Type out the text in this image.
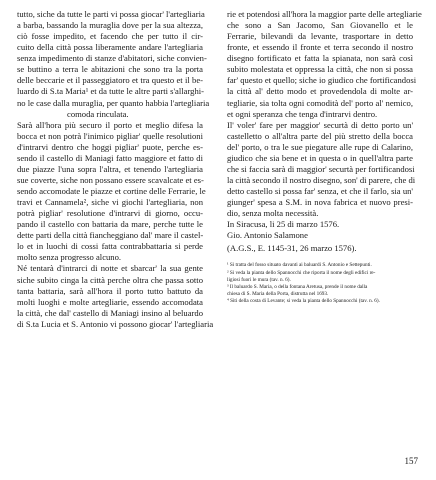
tutto, siche da tutte le parti vi possa giocar' l'artegliaria
a barba, bassando la muraglia dove per la sua altezza,
ciò fosse impedito, et facendo che per tutto il cir-
cuito della città possa liberamente andare l'artegliaria
senza impedimento di stanze d'abitatori, siche convien-
se buttino a terra le abitazioni che sono tra la porta
delle beccarie et il passeggiatoro et tra questo et il be-
luardo di S.ta Maria¹ et da tutte le altre parti s'allarghi-
no le case dalla muraglia, per quanto habbia l'artegliaria
comoda rinculata.
Sarà all'hora più securo il porto et meglio difesa la
bocca et non potrà l'inimico pigliar' quelle resolutioni
d'intrarvi dentro che hoggi pigliar' puote, perche es-
sendo il castello di Maniagi fatto maggiore et fatto di
due piazze l'una sopra l'altra, et tenendo l'artegliaria
sue coverte, siche non possano essere scavalcate et es-
sendo accomodate le piazze et cortine delle Ferrarie, le
travi et Cannamela², siche vi giochi l'artegliaria, non
potrà pigliar' resolutione d'intrarvi di giorno, occu-
pando il castello con battaria da mare, perche tutte le
dette parti della città fiancheggiano dal' mare il castel-
lo et in luochi di cossi fatta contrabbattaria si perde
molto senza progresso alcuno.
Né tentarà d'intrarci di notte et sbarcar' la sua gente
siche subito cinga la città perche oltra che passa sotto
tanta battaria, sarà all'hora il porto tutto battuto da
molti luoghi e molte artegliarie, essendo accomodata
la città, che dal' castello di Maniagi insino al beluardo
di S.ta Lucia et S. Antonio vi possono giocar' l'artegliaria
rie et potendosi all'hora la maggior parte delle artegliarie
che sono a San Jacomo, San Giovanello et le
Ferrarie, bilevandi da levante, trasportare in detto
fronte, et essendo il fronte et terra secondo il nostro
disegno fortificato et fatta la spianata, non sarà così
subito molestata et oppressa la città, che non si possa
far' questo et quello; siche io giudico che fortificandosi
la città al' detto modo et provedendola di molte ar-
tegliarie, sia tolta ogni comodità del' porto al' nemico,
et ogni speranza che tenga d'intrarvi dentro.
Il' voler' fare per maggior' securtà di detto porto un'
castelletto o all'altra parte del più stretto della bocca
del' porto, o tra le sue piegature alle rupe di Calarino,
giudico che sia bene et in questa o in quell'altra parte
che si faccia sarà di maggior' securtà per fortificandosi
la città secondo il nostro disegno, son' di parere, che di
detto castello si possa far' senza, et che il farlo, sia un'
giunger' spesa a S.M. in nova fabrica et nuovo presi-
dio, senza molta necessità.
In Siracusa, li 25 di marzo 1576.
Gio. Antonio Salamone
(A.G.S., E. 1145-31, 26 marzo 1576).
¹ Si tratta del fosso situato davanti ai baluardi S. Antonio e Settepunti.
² Si veda la pianta dello Spannocchi che riporta il nome degli edifici re-
ligiosi fuori le mura (tav. n. 6).
³ Il baluardo S. Maria, o della fontana Aretusa, prende il nome dalla
chiesa di S. Maria della Porta, distrutta nel 1693.
⁴ Siti della costa di Levante; si veda la pianta dello Spannocchi (tav. n. 6).
157
